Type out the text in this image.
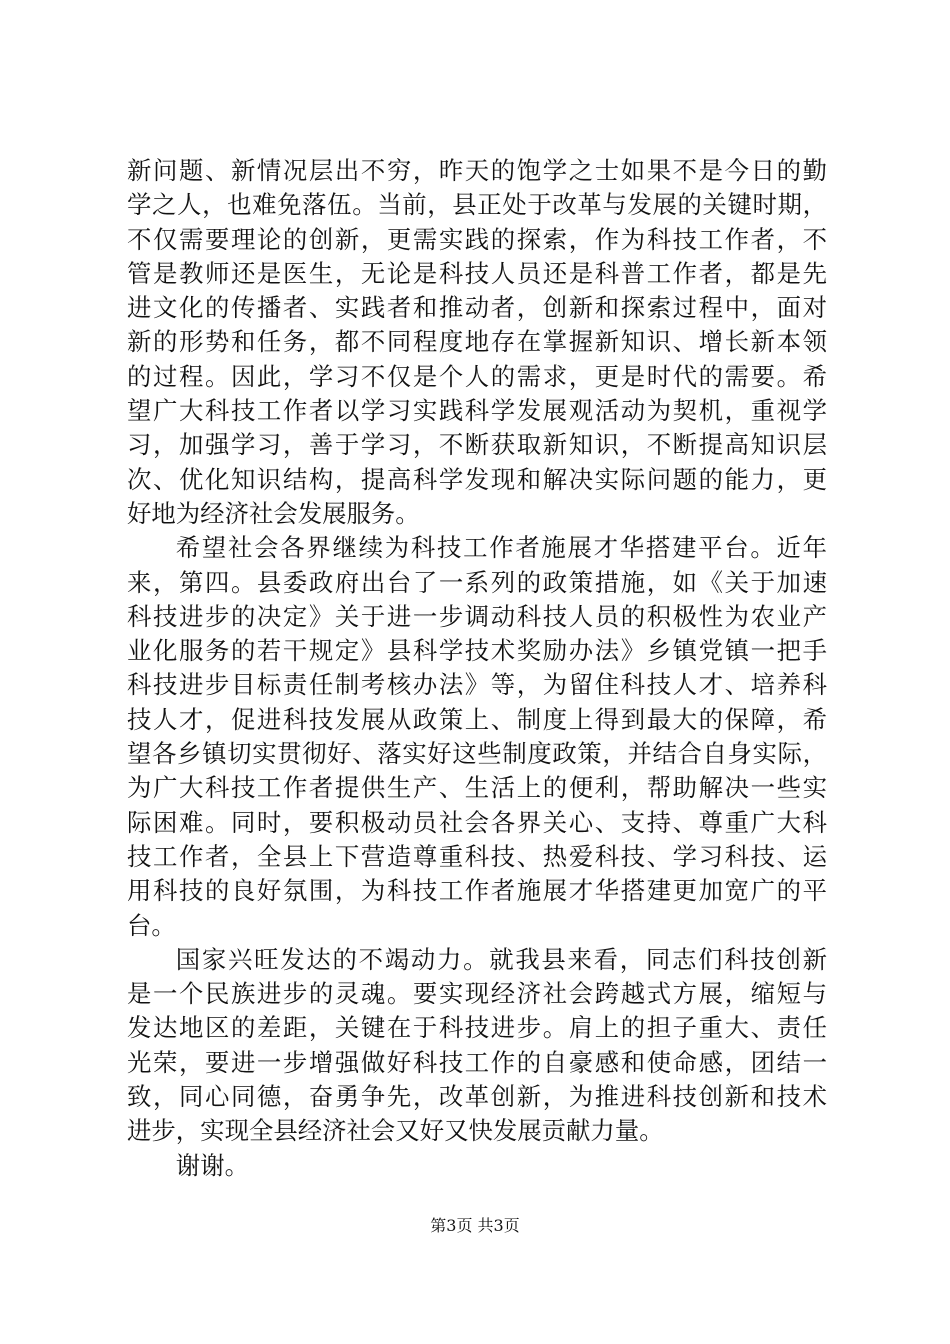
新问题、新情况层出不穷，昨天的饱学之士如果不是今日的勤
学之人，也难免落伍。当前，县正处于改革与发展的关键时期，
不仅需要理论的创新，更需实践的探索，作为科技工作者，不
管是教师还是医生，无论是科技人员还是科普工作者，都是先
进文化的传播者、实践者和推动者，创新和探索过程中，面对
新的形势和任务，都不同程度地存在掌握新知识、增长新本领
的过程。因此，学习不仅是个人的需求，更是时代的需要。希
望广大科技工作者以学习实践科学发展观活动为契机，重视学
习，加强学习，善于学习，不断获取新知识，不断提高知识层
次、优化知识结构，提高科学发现和解决实际问题的能力，更
好地为经济社会发展服务。
希望社会各界继续为科技工作者施展才华搭建平台。近年
来，第四。县委政府出台了一系列的政策措施，如《关于加速
科技进步的决定》关于进一步调动科技人员的积极性为农业产
业化服务的若干规定》县科学技术奖励办法》乡镇党镇一把手
科技进步目标责任制考核办法》等，为留住科技人才、培养科
技人才，促进科技发展从政策上、制度上得到最大的保障，希
望各乡镇切实贯彻好、落实好这些制度政策，并结合自身实际，
为广大科技工作者提供生产、生活上的便利，帮助解决一些实
际困难。同时，要积极动员社会各界关心、支持、尊重广大科
技工作者，全县上下营造尊重科技、热爱科技、学习科技、运
用科技的良好氛围，为科技工作者施展才华搭建更加宽广的平
台。
国家兴旺发达的不竭动力。就我县来看，同志们科技创新
是一个民族进步的灵魂。要实现经济社会跨越式方展，缩短与
发达地区的差距，关键在于科技进步。肩上的担子重大、责任
光荣，要进一步增强做好科技工作的自豪感和使命感，团结一
致，同心同德，奋勇争先，改革创新，为推进科技创新和技术
进步，实现全县经济社会又好又快发展贡献力量。
谢谢。
第3页 共3页
